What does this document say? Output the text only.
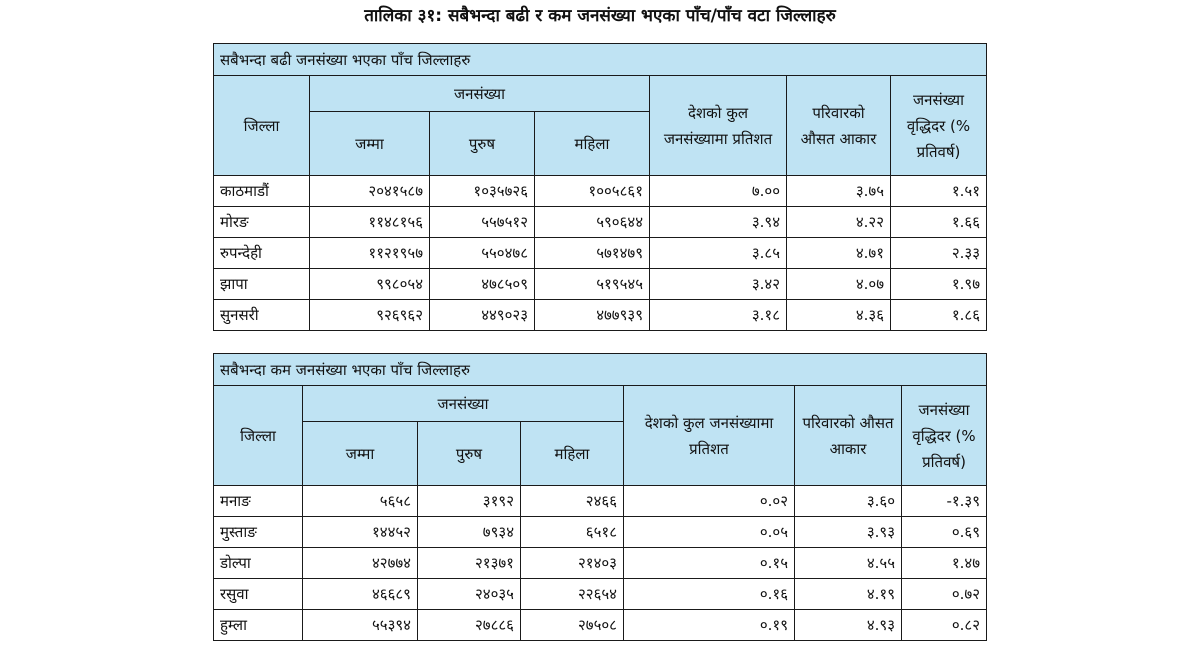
तालिका ३१: सबैभन्दा बढी र कम जनसंख्या भएका पाँच/पाँच वटा जिल्लाहरु
सबैभन्दा बढी जनसंख्या भएका पाँच जिल्लाहरु						
जिल्ला	जनसंख्या			देशको कुल जनसंख्यामा प्रतिशत	परिवारको औसत आकार	जनसंख्या वृद्धिदर (% प्रतिवर्ष)
	जम्मा	पुरुष	महिला			
काठमाडौं	२०४१५८७	१०३५७२६	१००५८६१	७.००	३.७५	१.५१
मोरङ	११४८१५६	५५७५१२	५९०६४४	३.९४	४.२२	१.६६
रुपन्देही	११२१९५७	५५०४७८	५७१४७९	३.८५	४.७१	२.३३
झापा	९९८०५४	४७८५०९	५१९५४५	३.४२	४.०७	१.९७
सुनसरी	९२६९६२	४४९०२३	४७७९३९	३.१८	४.३६	१.८६
सबैभन्दा कम जनसंख्या भएका पाँच जिल्लाहरु						
जिल्ला	जनसंख्या			देशको कुल जनसंख्यामा प्रतिशत	परिवारको औसत आकार	जनसंख्या वृद्धिदर (% प्रतिवर्ष)
	जम्मा	पुरुष	महिला			
मनाङ	५६५८	३१९२	२४६६	०.०२	३.६०	-१.३९
मुस्ताङ	१४४५२	७९३४	६५१८	०.०५	३.९३	०.६९
डोल्पा	४२७७४	२१३७१	२१४०३	०.१५	४.५५	१.४७
रसुवा	४६६८९	२४०३५	२२६५४	०.१६	४.१९	०.७२
हुम्ला	५५३९४	२७८८६	२७५०८	०.१९	४.९३	०.८२
